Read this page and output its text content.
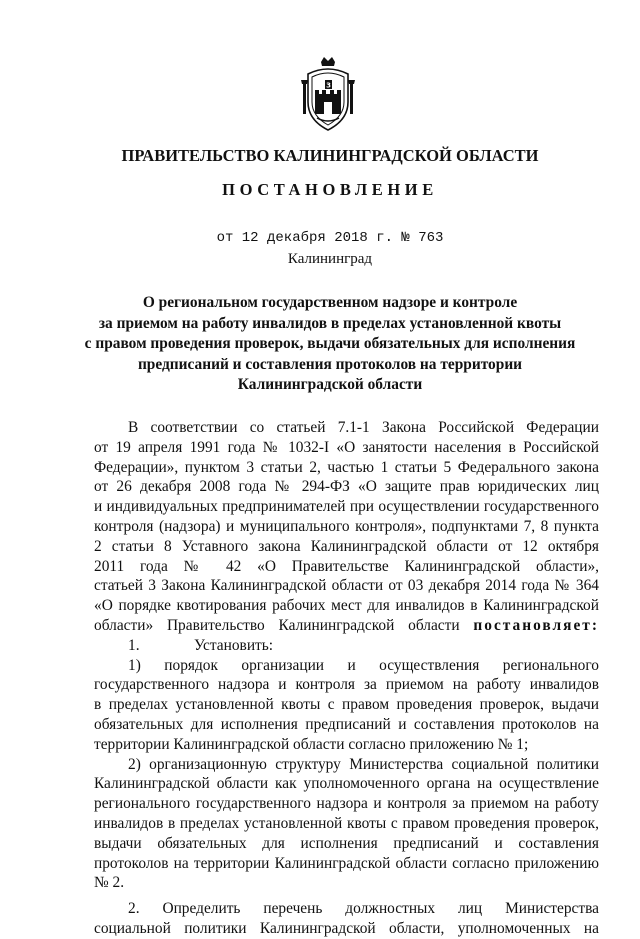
3
ПРАВИТЕЛЬСТВО КАЛИНИНГРАДСКОЙ ОБЛАСТИ
ПОСТАНОВЛЕНИЕ
от 12 декабря 2018 г. № 763
Калининград
О региональном государственном надзоре и контроле
за приемом на работу инвалидов в пределах установленной квоты
с правом проведения проверок, выдачи обязательных для исполнения
предписаний и составления протоколов на территории
Калининградской области
В соответствии со статьей 7.1-1 Закона Российской Федерации
от 19 апреля 1991 года № 1032-I «О занятости населения в Российской
Федерации», пунктом 3 статьи 2, частью 1 статьи 5 Федерального закона
от 26 декабря 2008 года № 294-ФЗ «О защите прав юридических лиц
и индивидуальных предпринимателей при осуществлении государственного
контроля (надзора) и муниципального контроля», подпунктами 7, 8 пункта
2 статьи 8 Уставного закона Калининградской области от 12 октября
2011 года № 42 «О Правительстве Калининградской области»,
статьей 3 Закона Калининградской области от 03 декабря 2014 года № 364
«О порядке квотирования рабочих мест для инвалидов в Калининградской
области» Правительство Калининградской области постановляет:
1.	Установить:
1) порядок организации и осуществления регионального
государственного надзора и контроля за приемом на работу инвалидов
в пределах установленной квоты с правом проведения проверок, выдачи
обязательных для исполнения предписаний и составления протоколов на
территории Калининградской области согласно приложению № 1;
2) организационную структуру Министерства социальной политики
Калининградской области как уполномоченного органа на осуществление
регионального государственного надзора и контроля за приемом на работу
инвалидов в пределах установленной квоты с правом проведения проверок,
выдачи обязательных для исполнения предписаний и составления
протоколов на территории Калининградской области согласно приложению
№ 2.
2. Определить перечень должностных лиц Министерства
социальной политики Калининградской области, уполномоченных на
